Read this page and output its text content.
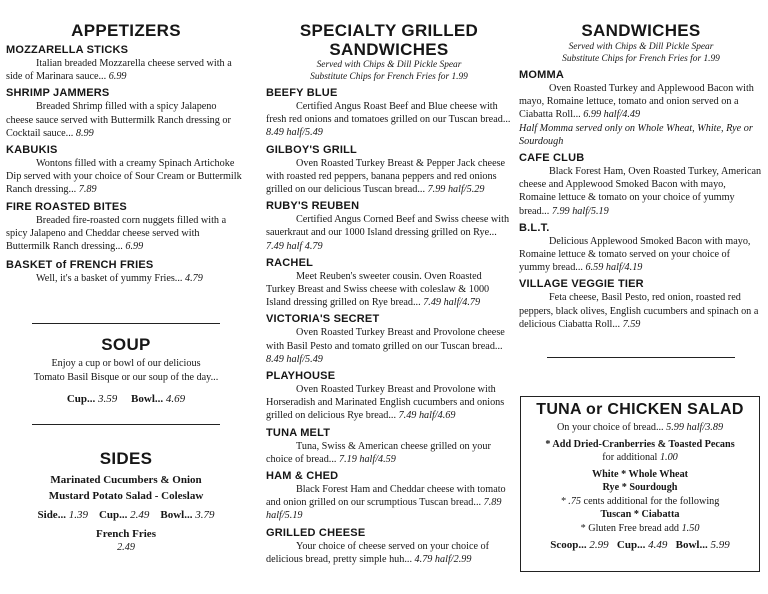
APPETIZERS
MOZZARELLA STICKS
Italian breaded Mozzarella cheese served with a side of Marinara sauce... 6.99
SHRIMP JAMMERS
Breaded Shrimp filled with a spicy Jalapeno cheese sauce served with Buttermilk Ranch dressing or Cocktail sauce... 8.99
KABUKIS
Wontons filled with a creamy Spinach Artichoke Dip served with your choice of Sour Cream or Buttermilk Ranch dressing... 7.89
FIRE ROASTED BITES
Breaded fire-roasted corn nuggets filled with a spicy Jalapeno and Cheddar cheese served with Buttermilk Ranch dressing... 6.99
BASKET of FRENCH FRIES
Well, it's a basket of yummy Fries... 4.79
SOUP
Enjoy a cup or bowl of our delicious
Tomato Basil Bisque or our soup of the day...
Cup... 3.59 Bowl... 4.69
SIDES
Marinated Cucumbers & Onion
Mustard Potato Salad - Coleslaw
Side... 1.39 Cup... 2.49 Bowl... 3.79
French Fries
2.49
SPECIALTY GRILLED
SANDWICHES
Served with Chips & Dill Pickle Spear
Substitute Chips for French Fries for 1.99
BEEFY BLUE
Certified Angus Roast Beef and Blue cheese with fresh red onions and tomatoes grilled on our Tuscan bread... 8.49 half/5.49
GILBOY'S GRILL
Oven Roasted Turkey Breast & Pepper Jack cheese with roasted red peppers, banana peppers and red onions grilled on our delicious Tuscan bread... 7.99 half/5.29
RUBY'S REUBEN
Certified Angus Corned Beef and Swiss cheese with sauerkraut and our 1000 Island dressing grilled on Rye... 7.49 half 4.79
RACHEL
Meet Reuben's sweeter cousin. Oven Roasted Turkey Breast and Swiss cheese with coleslaw & 1000 Island dressing grilled on Rye bread... 7.49 half/4.79
VICTORIA'S SECRET
Oven Roasted Turkey Breast and Provolone cheese with Basil Pesto and tomato grilled on our Tuscan bread... 8.49 half/5.49
PLAYHOUSE
Oven Roasted Turkey Breast and Provolone with Horseradish and Marinated English cucumbers and onions grilled on delicious Rye bread... 7.49 half/4.69
TUNA MELT
Tuna, Swiss & American cheese grilled on your choice of bread... 7.19 half/4.59
HAM & CHED
Black Forest Ham and Cheddar cheese with tomato and onion grilled on our scrumptious Tuscan bread... 7.89 half/5.19
GRILLED CHEESE
Your choice of cheese served on your choice of delicious bread, pretty simple huh... 4.79 half/2.99
SANDWICHES
Served with Chips & Dill Pickle Spear
Substitute Chips for French Fries for 1.99
MOMMA
Oven Roasted Turkey and Applewood Bacon with mayo, Romaine lettuce, tomato and onion served on a Ciabatta Roll... 6.99 half/4.49
Half Momma served only on Whole Wheat, White, Rye or Sourdough
CAFE CLUB
Black Forest Ham, Oven Roasted Turkey, American cheese and Applewood Smoked Bacon with mayo, Romaine lettuce & tomato on your choice of yummy bread... 7.99 half/5.19
B.L.T.
Delicious Applewood Smoked Bacon with mayo, Romaine lettuce & tomato served on your choice of yummy bread... 6.59 half/4.19
VILLAGE VEGGIE TIER
Feta cheese, Basil Pesto, red onion, roasted red peppers, black olives, English cucumbers and spinach on a delicious Ciabatta Roll... 7.59
TUNA or CHICKEN SALAD
On your choice of bread... 5.99 half/3.89
* Add Dried-Cranberries & Toasted Pecans
for additional 1.00
White * Whole Wheat
Rye * Sourdough
* .75 cents additional for the following
Tuscan * Ciabatta
* Gluten Free bread add 1.50
Scoop... 2.99 Cup... 4.49 Bowl... 5.99
